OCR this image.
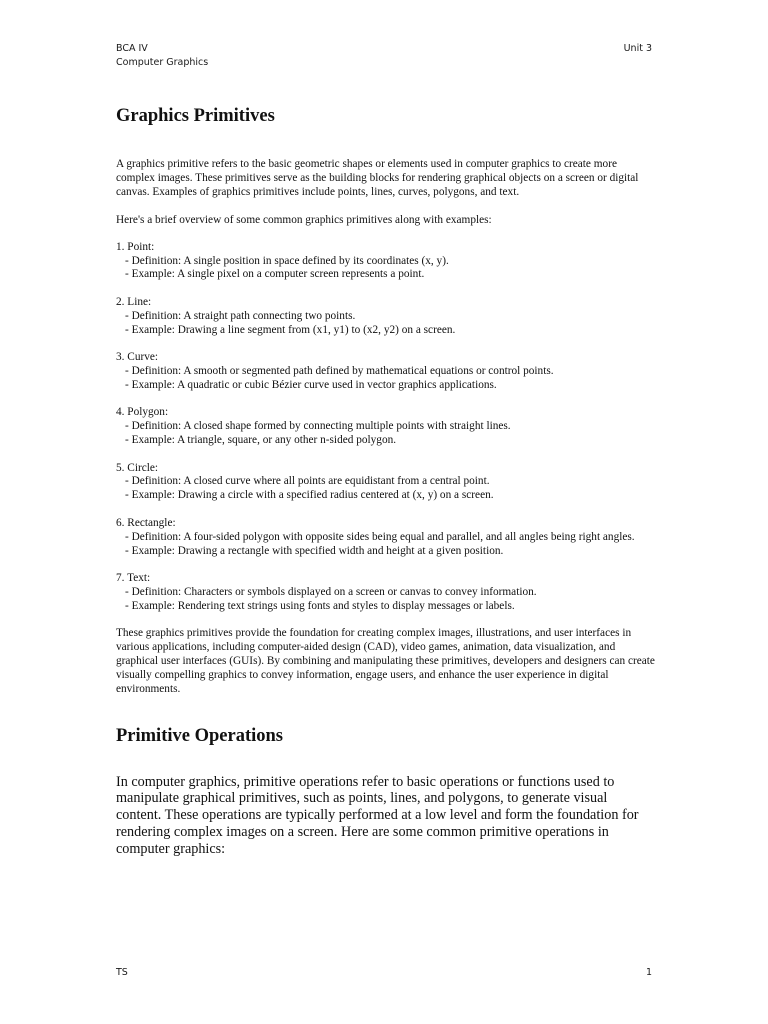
BCA IV
Computer Graphics
Unit 3
Graphics Primitives

A graphics primitive refers to the basic geometric shapes or elements used in computer graphics to create more complex images. These primitives serve as the building blocks for rendering graphical objects on a screen or digital canvas. Examples of graphics primitives include points, lines, curves, polygons, and text.

Here's a brief overview of some common graphics primitives along with examples:

1. Point:

- Definition: A single position in space defined by its coordinates (x, y).

- Example: A single pixel on a computer screen represents a point.

2. Line:

- Definition: A straight path connecting two points.

- Example: Drawing a line segment from (x1, y1) to (x2, y2) on a screen.

3. Curve:

- Definition: A smooth or segmented path defined by mathematical equations or control points.

- Example: A quadratic or cubic Bézier curve used in vector graphics applications.

4. Polygon:

- Definition: A closed shape formed by connecting multiple points with straight lines.

- Example: A triangle, square, or any other n-sided polygon.

5. Circle:

- Definition: A closed curve where all points are equidistant from a central point.

- Example: Drawing a circle with a specified radius centered at (x, y) on a screen.

6. Rectangle:

- Definition: A four-sided polygon with opposite sides being equal and parallel, and all angles being right angles.

- Example: Drawing a rectangle with specified width and height at a given position.

7. Text:

- Definition: Characters or symbols displayed on a screen or canvas to convey information.

- Example: Rendering text strings using fonts and styles to display messages or labels.

These graphics primitives provide the foundation for creating complex images, illustrations, and user interfaces in various applications, including computer-aided design (CAD), video games, animation, data visualization, and graphical user interfaces (GUIs). By combining and manipulating these primitives, developers and designers can create visually compelling graphics to convey information, engage users, and enhance the user experience in digital environments.

Primitive Operations

In computer graphics, primitive operations refer to basic operations or functions used to manipulate graphical primitives, such as points, lines, and polygons, to generate visual content. These operations are typically performed at a low level and form the foundation for rendering complex images on a screen. Here are some common primitive operations in computer graphics:

TS	1
